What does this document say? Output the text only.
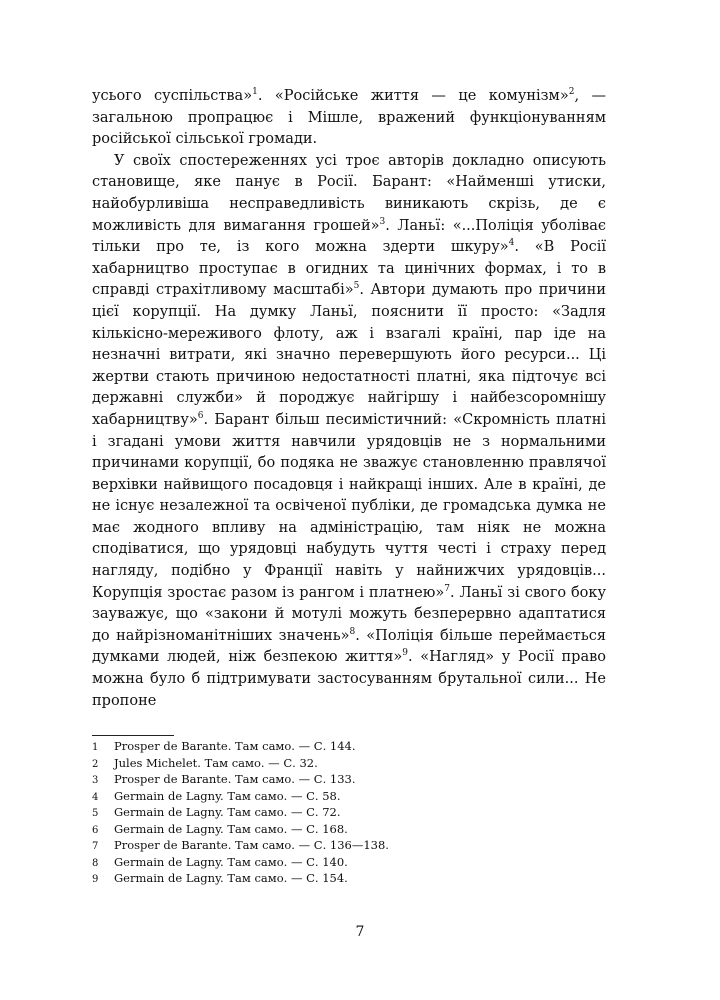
усього суспільства»$^1$. «Російське життя — це комунізм»$^2$, — загальною пропрацює і Мішле, вражений функціонуванням російської сільської громади.

У своїх спостереженнях усі троє авторів докладно описують становище, яке панує в Росії. Барант: «Найменші утиски, найобурливіша несправедливість виникають скрізь, де є можливість для вимагання грошей»$^3$. Ланьї: «...Поліція уболіває тільки про те, із кого можна здерти шкуру»$^4$. «В Росії хабарництво проступає в огидних та цинічних формах, і то в справді страхітливому масштабі»$^5$. Автори думають про причини цієї корупції. На думку Ланьї, пояснити її просто: «Задля кількісно-мереживого флоту, аж і взагалі країні, пар іде на незначні витрати, які значно перевершують його ресурси... Ці жертви стають причиною недостатності платні, яка підточує всі державні служби» й породжує найгіршу і найбезсоромнішу хабарництву»$^6$. Барант більш песимістичний: «Скромність платні і згадані умови життя навчили урядовців не з нормальними причинами корупції, бо подяка не зважує становленню правлячої верхівки найвищого посадовця і найкращі інших. Але в країні, де не існує незалежної та освіченої публіки, де громадська думка не має жодного впливу на адміністрацію, там ніяк не можна сподіватися, що урядовці набудуть чуття честі і страху перед нагляду, подібно у Франції навіть у найнижчих урядовців... Корупція зростає разом із рангом і платнею»$^7$. Ланьї зі свого боку зауважує, що «закони й мотулі можуть безперервно адаптатися до найрізноманітніших значень»$^8$. «Поліція більше переймається думками людей, ніж безпекою життя»$^9$. «Нагляд» у Росії право можна було б підтримувати застосуванням брутальної сили... Не пропоне

1	Prosper de Barante. Там само. — С. 144.
2	Jules Michelet. Там само. — С. 32.
3	Prosper de Barante. Там само. — С. 133.
4	Germain de Lagny. Там само. — С. 58.
5	Germain de Lagny. Там само. — С. 72.
6	Germain de Lagny. Там само. — С. 168.
7	Prosper de Barante. Там само. — С. 136—138.
8	Germain de Lagny. Там само. — С. 140.
9	Germain de Lagny. Там само. — С. 154.
7
